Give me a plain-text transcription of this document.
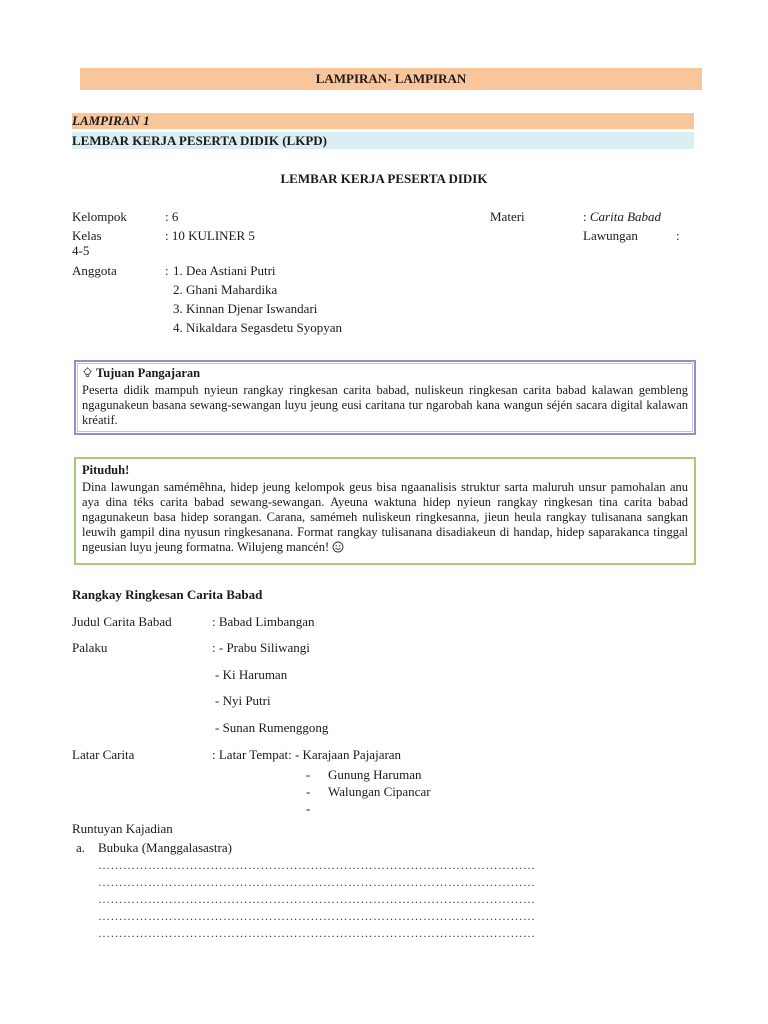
LAMPIRAN- LAMPIRAN
LAMPIRAN 1
LEMBAR KERJA PESERTA DIDIK (LKPD)
LEMBAR KERJA PESERTA DIDIK
Kelompok	: 6	Materi	: Carita Babad
Kelas	: 10 KULINER 5	Lawungan	:
4-5
Anggota	: 1. Dea Astiani Putri
2. Ghani Mahardika
3. Kinnan Djenar Iswandari
4. Nikaldara Segasdetu Syopyan
Tujuan Pangajaran
Peserta didik mampuh nyieun rangkay ringkesan carita babad, nuliskeun ringkesan carita babad kalawan gembleng ngagunakeun basana sewang-sewangan luyu jeung eusi caritana tur ngarobah kana wangun séjén sacara digital kalawan kréatif.
Pituduh!
Dina lawungan samémêhna, hidep jeung kelompok geus bisa ngaanalisis struktur sarta maluruh unsur pamohalan anu aya dina téks carita babad sewang-sewangan. Ayeuna waktuna hidep nyieun rangkay ringkesan tina carita babad ngagunakeun basa hidep sorangan. Carana, samémeh nuliskeun ringkesanna, jieun heula rangkay tulisanana sangkan leuwih gampil dina nyusun ringkesanana. Format rangkay tulisanana disadiakeun di handap, hidep saparakanca tinggal ngeusian luyu jeung formatna. Wilujeng mancén!
Rangkay Ringkesan Carita Babad
Judul Carita Babad	: Babad Limbangan
Palaku	: - Prabu Siliwangi
- Ki Haruman
- Nyi Putri
- Sunan Rumenggong
Latar Carita	: Latar Tempat: - Karajaan Pajajaran
- Gunung Haruman
- Walungan Cipancar
-
Runtuyan Kajadian
a. Bubuka (Manggalasastra)
……………………………………………………………………………………………
……………………………………………………………………………………………
……………………………………………………………………………………………
……………………………………………………………………………………………
……………………………………………………………………………………………
